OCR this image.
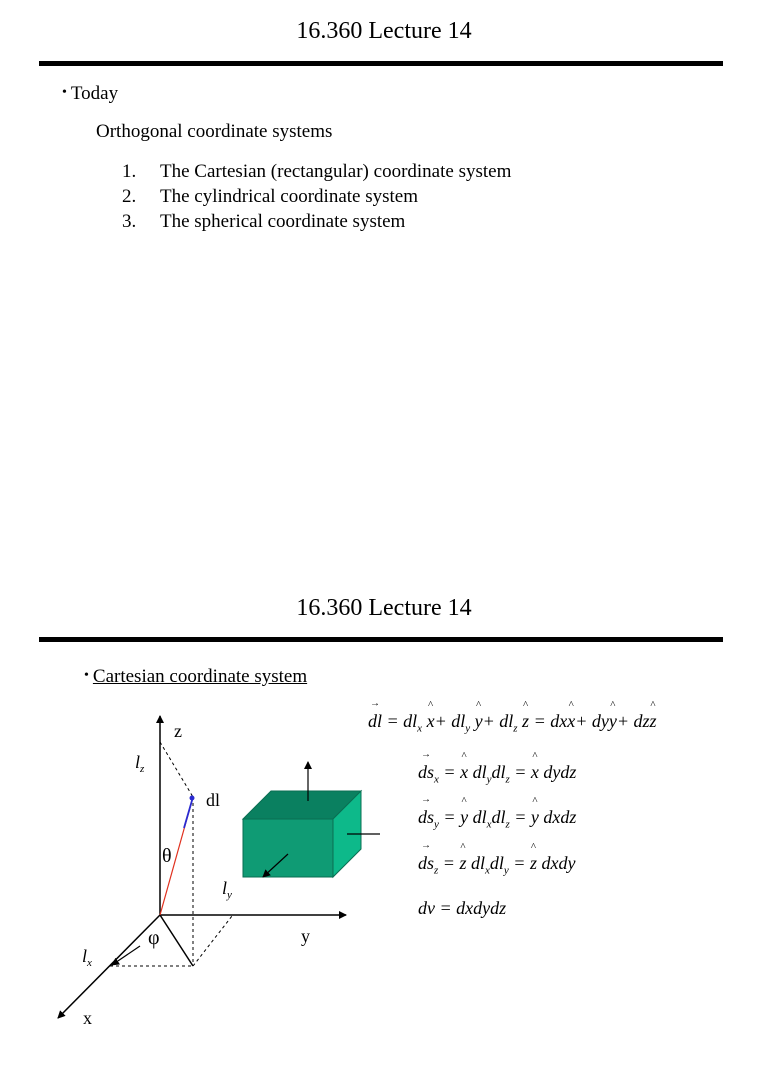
16.360 Lecture 14
• Today
Orthogonal coordinate systems
1. The Cartesian (rectangular) coordinate system
2. The cylindrical coordinate system
3. The spherical coordinate system
16.360 Lecture 14
• Cartesian coordinate system
z
y
x
dl
θ
φ
$l_z$
$l_y$
$l_x$
→ dl = $dl_x$ ^ $x+ dl_y$ ^ $y+ dl_z$ ^ z = dx^ x+ dy^ y+ dz^ z
→ $ds_x$ = ^ x $dl_ydl_z$ = ^ x dydz
→ $ds_y$ = ^ y $dl_xdl_z$ = ^ y dxdz
→ $ds_z$ = ^ z $dl_xdl_y$ = ^ z dxdy
dv = dxdydz
